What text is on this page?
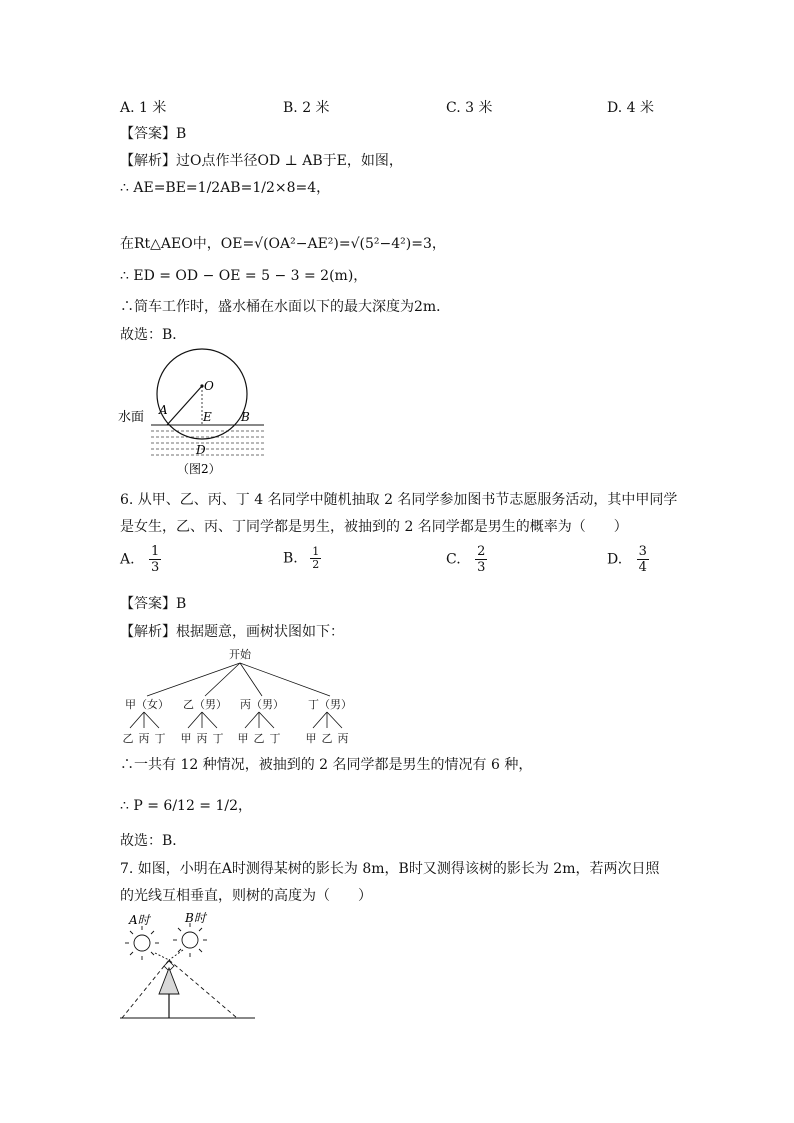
A. 1 米	B. 2 米	C. 3 米	D. 4 米
【答案】B
【解析】过O点作半径OD ⊥ AB于E，如图，
∴ AE=BE=1/2AB=1/2×8=4，
在Rt△AEO中，OE=√(OA²−AE²)=√(5²−4²)=3，
∴ ED = OD − OE = 5 − 3 = 2(m)，
∴筒车工作时，盛水桶在水面以下的最大深度为2m．
故选：B．
水面
O
A	E B
D
（图2）
6. 从甲、乙、丙、丁 4 名同学中随机抽取 2 名同学参加图书节志愿服务活动，其中甲同学
是女生，乙、丙、丁同学都是男生，被抽到的 2 名同学都是男生的概率为（　　）
A. $\frac{1}{3}$	B. $\frac{1}{2}$	C. $\frac{2}{3}$	D. $\frac{3}{4}$
【答案】B
【解析】根据题意，画树状图如下：
开始
甲（女） 乙（男） 丙（男） 丁（男）
乙 丙 丁 甲 丙 丁 甲 乙 丁 甲 乙 丙
∴一共有 12 种情况，被抽到的 2 名同学都是男生的情况有 6 种，
∴ P = 6/12 = 1/2，
故选：B．
7. 如图，小明在A时测得某树的影长为 8m，B时又测得该树的影长为 2m，若两次日照
的光线互相垂直，则树的高度为（　　）
A时	B时
